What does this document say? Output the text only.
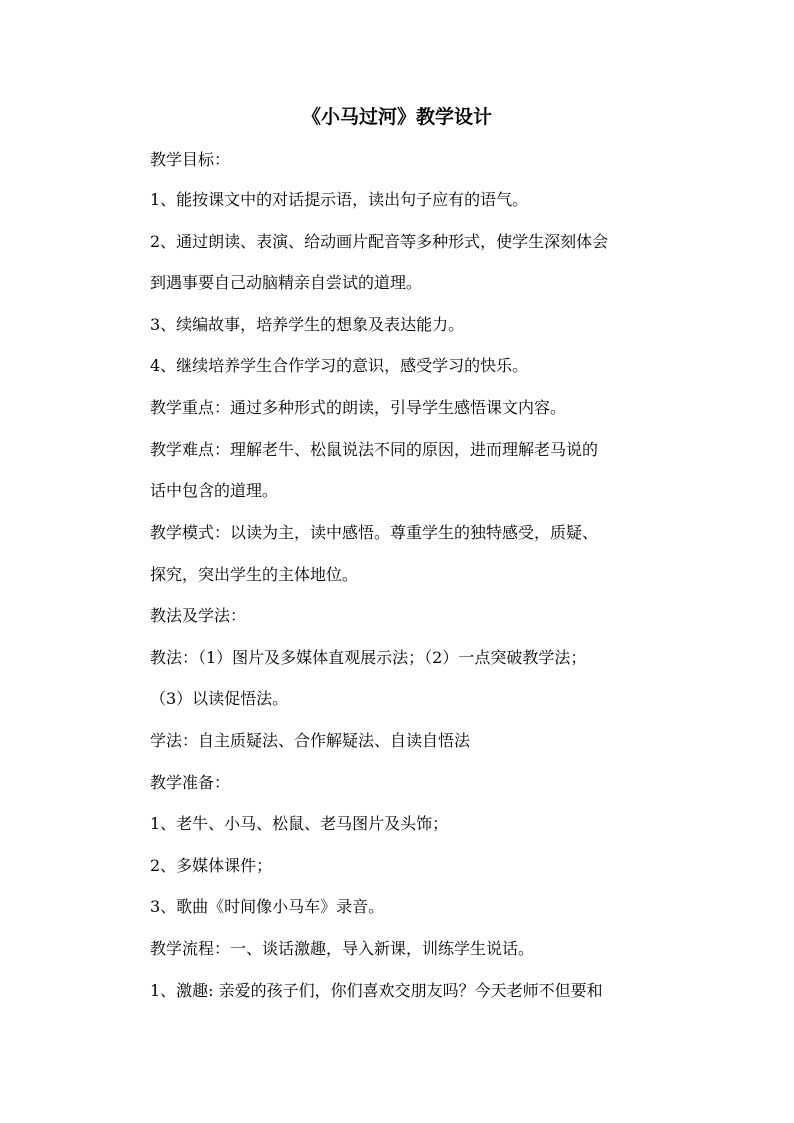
《小马过河》教学设计
教学目标：
1、能按课文中的对话提示语，读出句子应有的语气。
2、通过朗读、表演、给动画片配音等多种形式，使学生深刻体会
到遇事要自己动脑精亲自尝试的道理。
3、续编故事，培养学生的想象及表达能力。
4、继续培养学生合作学习的意识，感受学习的快乐。
教学重点：通过多种形式的朗读，引导学生感悟课文内容。
教学难点：理解老牛、松鼠说法不同的原因，进而理解老马说的
话中包含的道理。
教学模式：以读为主，读中感悟。尊重学生的独特感受，质疑、
探究，突出学生的主体地位。
教法及学法：
教法：（1）图片及多媒体直观展示法；（2）一点突破教学法；
（3）以读促悟法。
学法：自主质疑法、合作解疑法、自读自悟法
教学准备：
1、老牛、小马、松鼠、老马图片及头饰；
2、多媒体课件；
3、歌曲《时间像小马车》录音。
教学流程：一、谈话激趣，导入新课，训练学生说话。
1、激趣: 亲爱的孩子们，你们喜欢交朋友吗？今天老师不但要和
